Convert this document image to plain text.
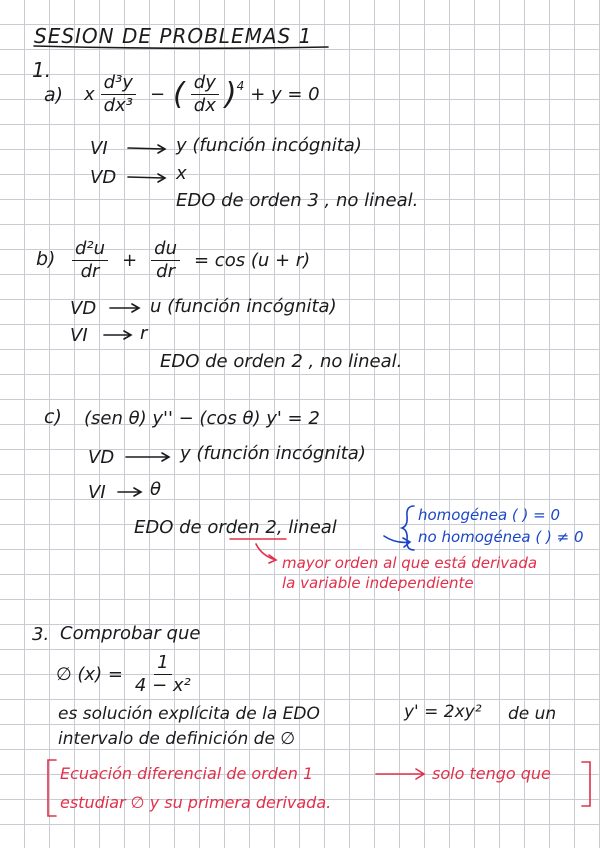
SESION DE PROBLEMAS 1
1.
a) x $\frac{\text{d³y}}{\text{dx³}}$ − ( $\frac{dy}{dx} )^4 + y = 0$
VI	y (función incógnita)
VD	x
EDO de orden 3 , no lineal.
$b) \frac{\text{d²u}}{dr} + \frac{du}{dr} = \cos (u + r)$
VD	u (función incógnita)
VI	r
EDO de orden 2 , no lineal.
c) (sen θ) y'' − (cos θ) y' = 2
VD	y (función incógnita)
VI θ
EDO de orden 2, lineal
homogénea ( ) = 0
no homogénea ( ) ≠ 0
mayor orden al que está derivada
la variable independiente
3. Comprobar que
∅ $(x) = \frac{1}{\text{4 − x²}}$
es solución explícita de la EDO	y' = 2xy² de un
intervalo de definición de ∅
Ecuación diferencial de orden 1	solo tengo que
estudiar ∅ y su primera derivada.
